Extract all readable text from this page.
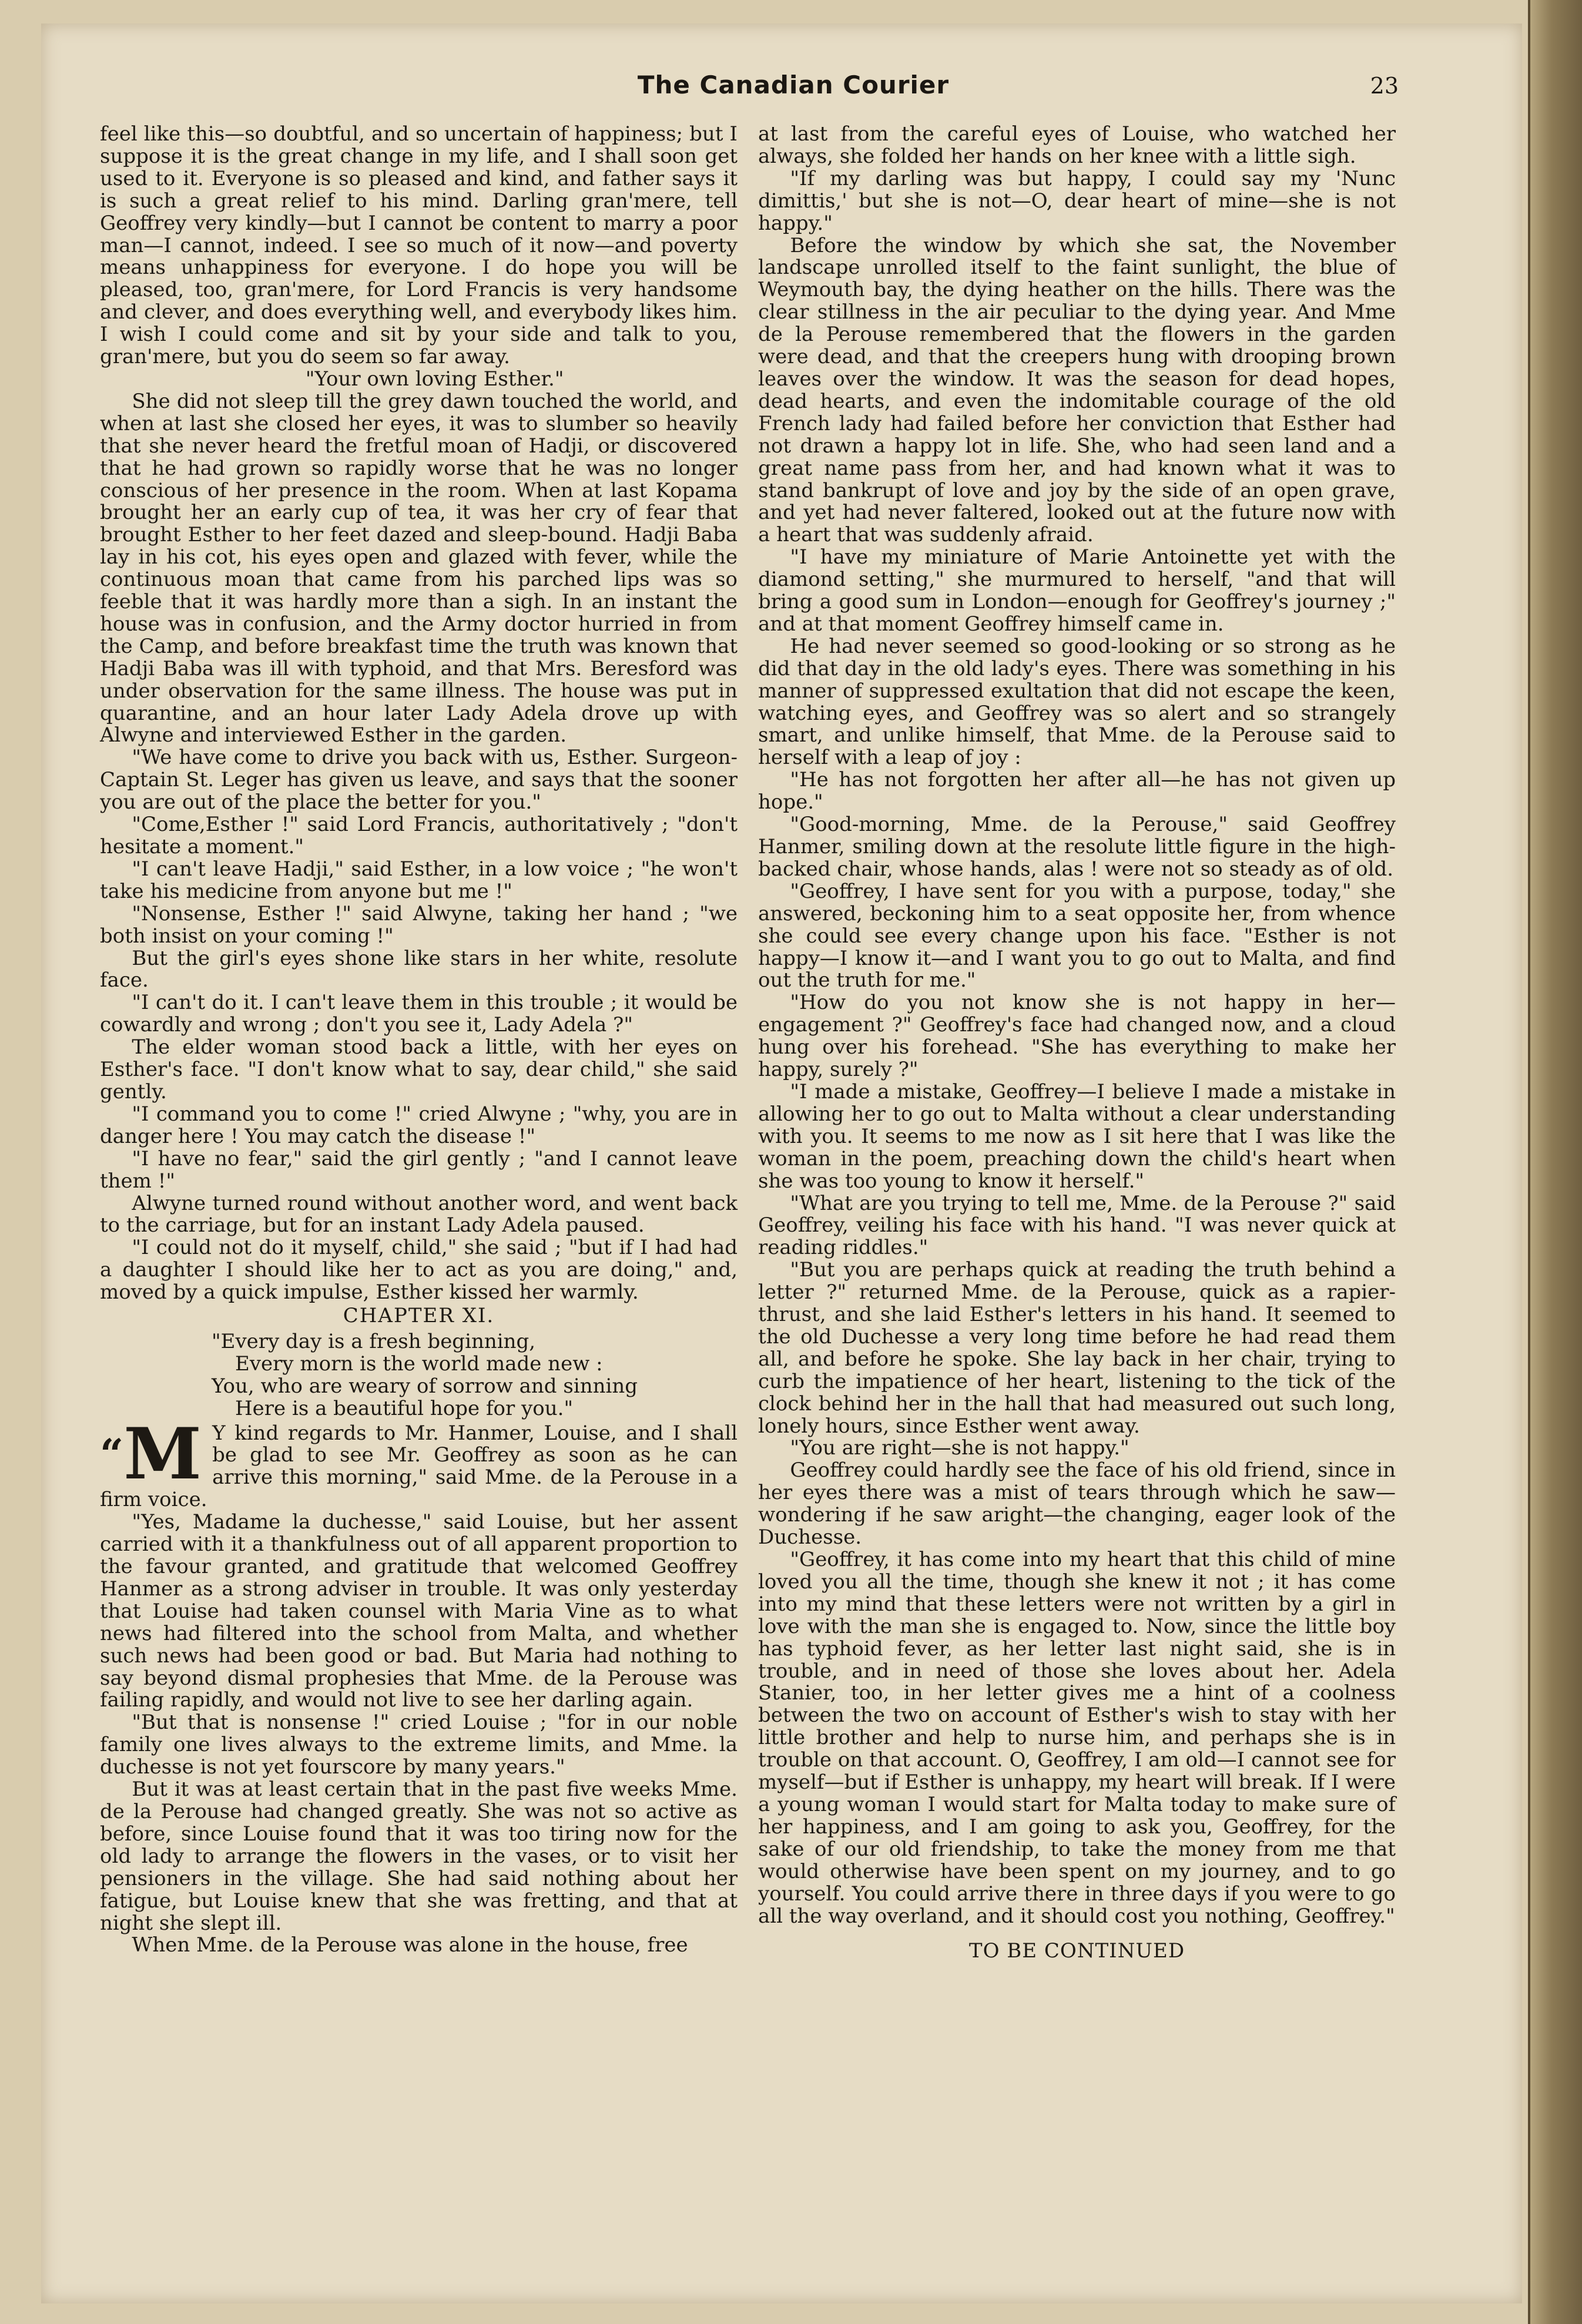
The Canadian Courier	23

feel like this—so doubtful, and so uncertain of happiness; but I suppose it is the great change in my life, and I shall soon get used to it. Everyone is so pleased and kind, and father says it is such a great relief to his mind. Darling gran'mere, tell Geoffrey very kindly—but I cannot be content to marry a poor man—I cannot, indeed. I see so much of it now—and poverty means unhappiness for everyone. I do hope you will be pleased, too, gran'mere, for Lord Francis is very handsome and clever, and does everything well, and everybody likes him. I wish I could come and sit by your side and talk to you, gran'mere, but you do seem so far away.

"Your own loving Esther."

She did not sleep till the grey dawn touched the world, and when at last she closed her eyes, it was to slumber so heavily that she never heard the fretful moan of Hadji, or discovered that he had grown so rapidly worse that he was no longer conscious of her presence in the room. When at last Kopama brought her an early cup of tea, it was her cry of fear that brought Esther to her feet dazed and sleep-bound. Hadji Baba lay in his cot, his eyes open and glazed with fever, while the continuous moan that came from his parched lips was so feeble that it was hardly more than a sigh. In an instant the house was in confusion, and the Army doctor hurried in from the Camp, and before breakfast time the truth was known that Hadji Baba was ill with typhoid, and that Mrs. Beresford was under observation for the same illness. The house was put in quarantine, and an hour later Lady Adela drove up with Alwyne and interviewed Esther in the garden.

"We have come to drive you back with us, Esther. Surgeon-Captain St. Leger has given us leave, and says that the sooner you are out of the place the better for you."

"Come,Esther !" said Lord Francis, authoritatively ; "don't hesitate a moment."

"I can't leave Hadji," said Esther, in a low voice ; "he won't take his medicine from anyone but me !"

"Nonsense, Esther !" said Alwyne, taking her hand ; "we both insist on your coming !"

But the girl's eyes shone like stars in her white, resolute face.

"I can't do it. I can't leave them in this trouble ; it would be cowardly and wrong ; don't you see it, Lady Adela ?"

The elder woman stood back a little, with her eyes on Esther's face. "I don't know what to say, dear child," she said gently.

"I command you to come !" cried Alwyne ; "why, you are in danger here ! You may catch the disease !"

"I have no fear," said the girl gently ; "and I cannot leave them !"

Alwyne turned round without another word, and went back to the carriage, but for an instant Lady Adela paused.

"I could not do it myself, child," she said ; "but if I had had a daughter I should like her to act as you are doing," and, moved by a quick impulse, Esther kissed her warmly.

CHAPTER XI.
"Every day is a fresh beginning,
Every morn is the world made new :
You, who are weary of sorrow and sinning
Here is a beautiful hope for you."
“M Y kind regards to Mr. Hanmer, Louise, and I shall be glad to see Mr. Geoffrey as soon as he can arrive this morning," said Mme. de la Perouse in a firm voice.

"Yes, Madame la duchesse," said Louise, but her assent carried with it a thankfulness out of all apparent proportion to the favour granted, and gratitude that welcomed Geoffrey Hanmer as a strong adviser in trouble. It was only yesterday that Louise had taken counsel with Maria Vine as to what news had filtered into the school from Malta, and whether such news had been good or bad. But Maria had nothing to say beyond dismal prophesies that Mme. de la Perouse was failing rapidly, and would not live to see her darling again.

"But that is nonsense !" cried Louise ; "for in our noble family one lives always to the extreme limits, and Mme. la duchesse is not yet fourscore by many years."

But it was at least certain that in the past five weeks Mme. de la Perouse had changed greatly. She was not so active as before, since Louise found that it was too tiring now for the old lady to arrange the flowers in the vases, or to visit her pensioners in the village. She had said nothing about her fatigue, but Louise knew that she was fretting, and that at night she slept ill.

When Mme. de la Perouse was alone in the house, free

at last from the careful eyes of Louise, who watched her always, she folded her hands on her knee with a little sigh.

"If my darling was but happy, I could say my 'Nunc dimittis,' but she is not—O, dear heart of mine—she is not happy."

Before the window by which she sat, the November landscape unrolled itself to the faint sunlight, the blue of Weymouth bay, the dying heather on the hills. There was the clear stillness in the air peculiar to the dying year. And Mme de la Perouse remembered that the flowers in the garden were dead, and that the creepers hung with drooping brown leaves over the window. It was the season for dead hopes, dead hearts, and even the indomitable courage of the old French lady had failed before her conviction that Esther had not drawn a happy lot in life. She, who had seen land and a great name pass from her, and had known what it was to stand bankrupt of love and joy by the side of an open grave, and yet had never faltered, looked out at the future now with a heart that was suddenly afraid.

"I have my miniature of Marie Antoinette yet with the diamond setting," she murmured to herself, "and that will bring a good sum in London—enough for Geoffrey's journey ;" and at that moment Geoffrey himself came in.

He had never seemed so good-looking or so strong as he did that day in the old lady's eyes. There was something in his manner of suppressed exultation that did not escape the keen, watching eyes, and Geoffrey was so alert and so strangely smart, and unlike himself, that Mme. de la Perouse said to herself with a leap of joy :

"He has not forgotten her after all—he has not given up hope."

"Good-morning, Mme. de la Perouse," said Geoffrey Hanmer, smiling down at the resolute little figure in the high-backed chair, whose hands, alas ! were not so steady as of old.

"Geoffrey, I have sent for you with a purpose, today," she answered, beckoning him to a seat opposite her, from whence she could see every change upon his face. "Esther is not happy—I know it—and I want you to go out to Malta, and find out the truth for me."

"How do you not know she is not happy in her—engagement ?" Geoffrey's face had changed now, and a cloud hung over his forehead. "She has everything to make her happy, surely ?"

"I made a mistake, Geoffrey—I believe I made a mistake in allowing her to go out to Malta without a clear understanding with you. It seems to me now as I sit here that I was like the woman in the poem, preaching down the child's heart when she was too young to know it herself."

"What are you trying to tell me, Mme. de la Perouse ?" said Geoffrey, veiling his face with his hand. "I was never quick at reading riddles."

"But you are perhaps quick at reading the truth behind a letter ?" returned Mme. de la Perouse, quick as a rapier-thrust, and she laid Esther's letters in his hand. It seemed to the old Duchesse a very long time before he had read them all, and before he spoke. She lay back in her chair, trying to curb the impatience of her heart, listening to the tick of the clock behind her in the hall that had measured out such long, lonely hours, since Esther went away.

"You are right—she is not happy."

Geoffrey could hardly see the face of his old friend, since in her eyes there was a mist of tears through which he saw—wondering if he saw aright—the changing, eager look of the Duchesse.

"Geoffrey, it has come into my heart that this child of mine loved you all the time, though she knew it not ; it has come into my mind that these letters were not written by a girl in love with the man she is engaged to. Now, since the little boy has typhoid fever, as her letter last night said, she is in trouble, and in need of those she loves about her. Adela Stanier, too, in her letter gives me a hint of a coolness between the two on account of Esther's wish to stay with her little brother and help to nurse him, and perhaps she is in trouble on that account. O, Geoffrey, I am old—I cannot see for myself—but if Esther is unhappy, my heart will break. If I were a young woman I would start for Malta today to make sure of her happiness, and I am going to ask you, Geoffrey, for the sake of our old friendship, to take the money from me that would otherwise have been spent on my journey, and to go yourself. You could arrive there in three days if you were to go all the way overland, and it should cost you nothing, Geoffrey."

TO BE CONTINUED
